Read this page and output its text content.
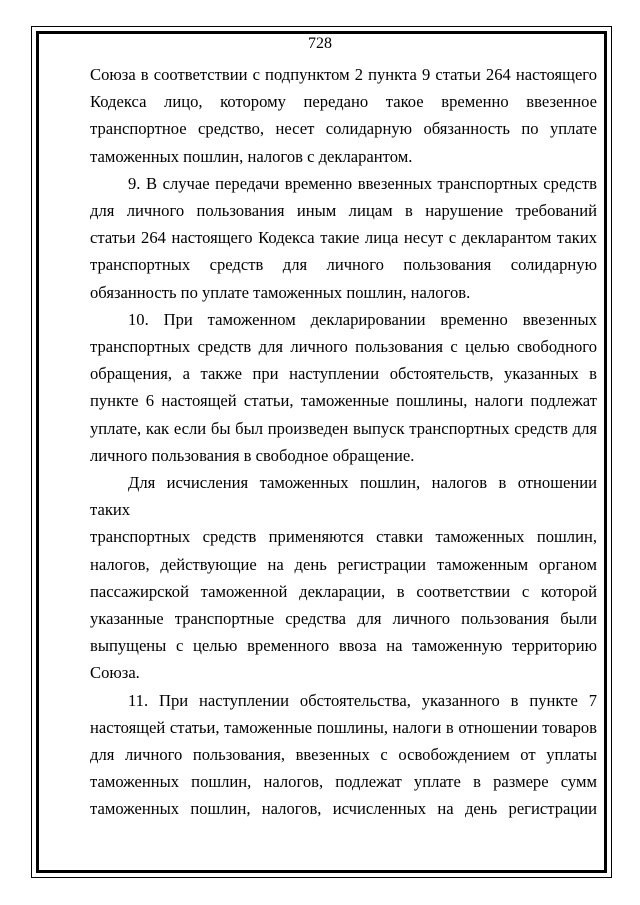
728

Союза в соответствии с подпунктом 2 пункта 9 статьи 264 настоящего

Кодекса лицо, которому передано такое временно ввезенное

транспортное средство, несет солидарную обязанность по уплате

таможенных пошлин, налогов с декларантом.

9. В случае передачи временно ввезенных транспортных средств

для личного пользования иным лицам в нарушение требований

статьи 264 настоящего Кодекса такие лица несут с декларантом таких

транспортных средств для личного пользования солидарную

обязанность по уплате таможенных пошлин, налогов.

10. При таможенном декларировании временно ввезенных

транспортных средств для личного пользования с целью свободного

обращения, а также при наступлении обстоятельств, указанных в

пункте 6 настоящей статьи, таможенные пошлины, налоги подлежат

уплате, как если бы был произведен выпуск транспортных средств для

личного пользования в свободное обращение.

Для исчисления таможенных пошлин, налогов в отношении таких

транспортных средств применяются ставки таможенных пошлин,

налогов, действующие на день регистрации таможенным органом

пассажирской таможенной декларации, в соответствии с которой

указанные транспортные средства для личного пользования были

выпущены с целью временного ввоза на таможенную территорию

Союза.

11. При наступлении обстоятельства, указанного в пункте 7

настоящей статьи, таможенные пошлины, налоги в отношении товаров

для личного пользования, ввезенных с освобождением от уплаты

таможенных пошлин, налогов, подлежат уплате в размере сумм

таможенных пошлин, налогов, исчисленных на день регистрации
